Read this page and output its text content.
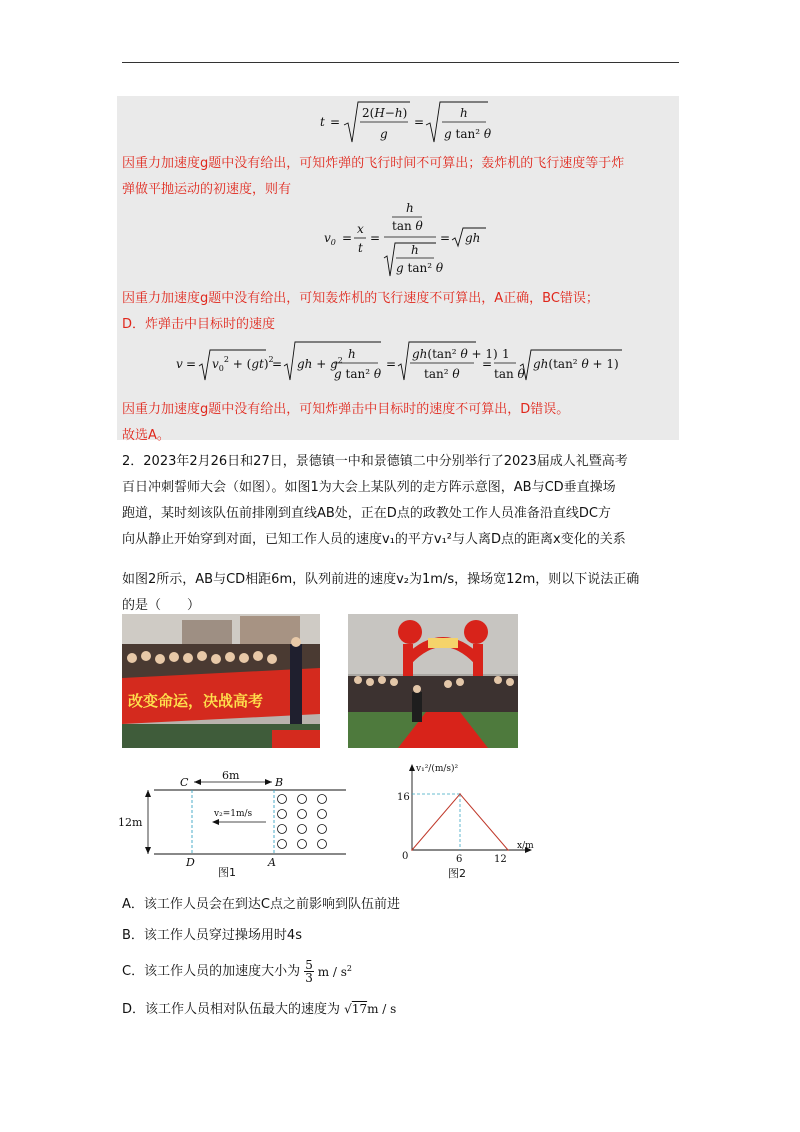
t =
2(H−h)
g
=
h
g tan² θ
因重力加速度g题中没有给出，可知炸弹的飞行时间不可算出；轰炸机的飞行速度等于炸
弹做平抛运动的初速度，则有
$v_0$ =
x
t
=
h
tan θ
h
g tan² θ
= gh
因重力加速度g题中没有给出，可知轰炸机的飞行速度不可算出，A正确，BC错误；
D．炸弹击中目标时的速度
$v = v_0^2 + (gt)^2$
= gh + $g^2$ h
g tan² θ
=
gh(tan² θ + 1)
tan² θ
=
1
tan θ
gh(tan² θ + 1)
因重力加速度g题中没有给出，可知炸弹击中目标时的速度不可算出，D错误。
故选A。
2．2023年2月26日和27日，景德镇一中和景德镇二中分别举行了2023届成人礼暨高考
百日冲刺誓师大会（如图）。如图1为大会上某队列的走方阵示意图，AB与CD垂直操场
跑道，某时刻该队伍前排刚到直线AB处，正在D点的政教处工作人员准备沿直线DC方
向从静止开始穿到对面，已知工作人员的速度v₁的平方v₁²与人离D点的距离x变化的关系
如图2所示，AB与CD相距6m，队列前进的速度v₂为1m/s，操场宽12m，则以下说法正确
的是（　　）
改变命运，决战高考
12m
6m
C	B
D	A
v₂=1m/s
图1
v₁²/(m/s)²
x/m
0
16
6	12
图2
A．该工作人员会在到达C点之前影响到队伍前进
B．该工作人员穿过操场用时4s
C．该工作人员的加速度大小为 $\frac{5}{3}$ m / $s^2$
D．该工作人员相对队伍最大的速度为 √17m / s
